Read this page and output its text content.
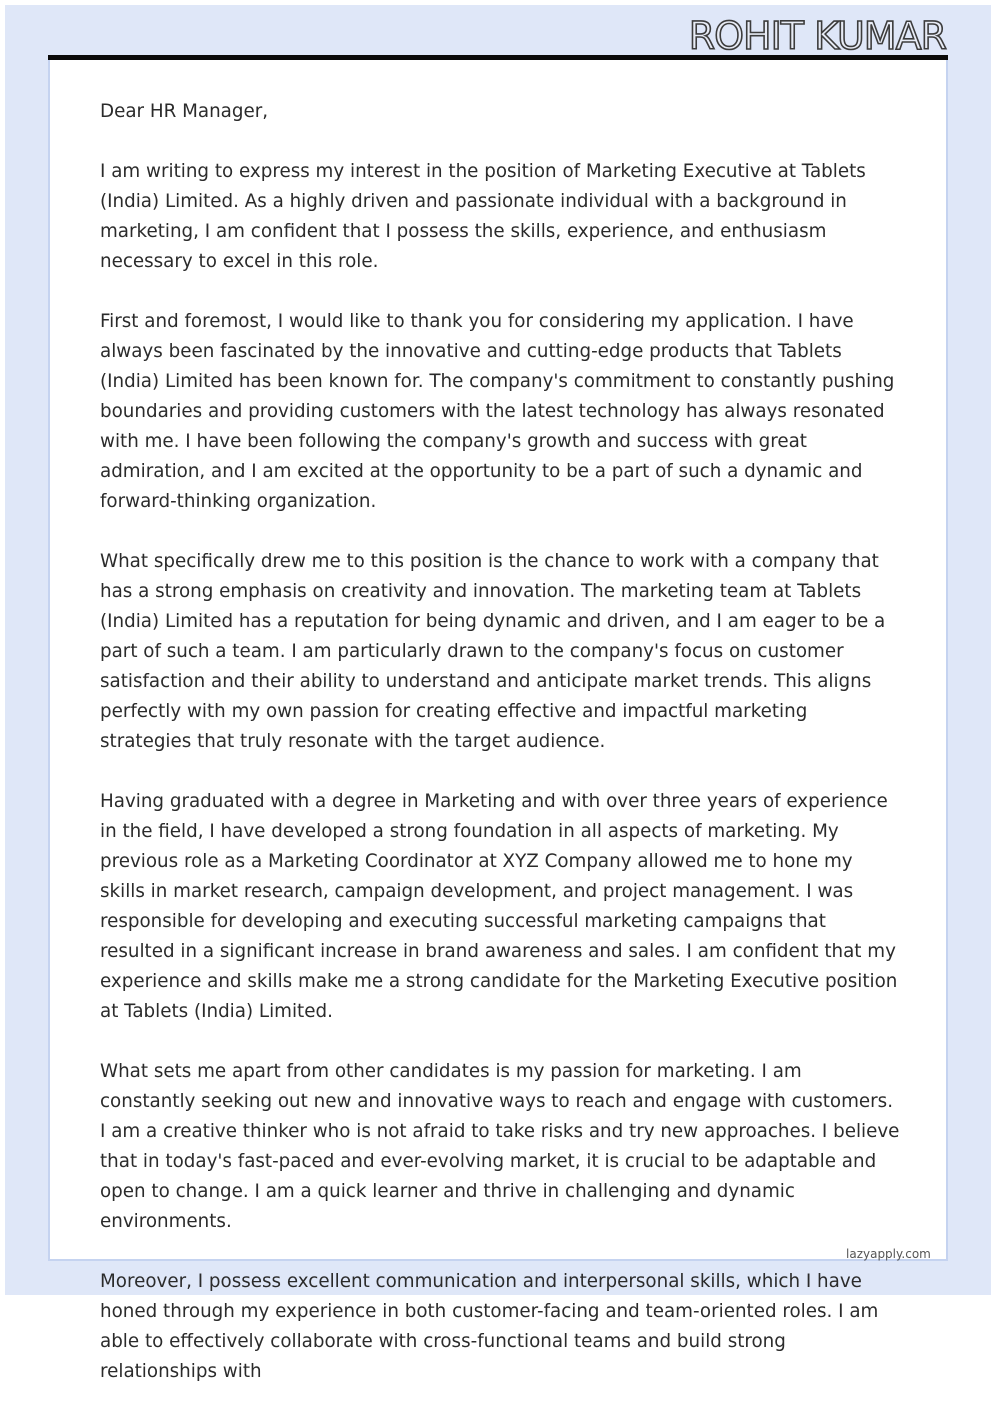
ROHIT KUMAR

Dear HR Manager,

I am writing to express my interest in the position of Marketing Executive at Tablets (India) Limited. As a highly driven and passionate individual with a background in marketing, I am confident that I possess the skills, experience, and enthusiasm necessary to excel in this role.

First and foremost, I would like to thank you for considering my application. I have always been fascinated by the innovative and cutting-edge products that Tablets (India) Limited has been known for. The company's commitment to constantly pushing boundaries and providing customers with the latest technology has always resonated with me. I have been following the company's growth and success with great admiration, and I am excited at the opportunity to be a part of such a dynamic and forward-thinking organization.

What specifically drew me to this position is the chance to work with a company that has a strong emphasis on creativity and innovation. The marketing team at Tablets (India) Limited has a reputation for being dynamic and driven, and I am eager to be a part of such a team. I am particularly drawn to the company's focus on customer satisfaction and their ability to understand and anticipate market trends. This aligns perfectly with my own passion for creating effective and impactful marketing strategies that truly resonate with the target audience.

Having graduated with a degree in Marketing and with over three years of experience in the field, I have developed a strong foundation in all aspects of marketing. My previous role as a Marketing Coordinator at XYZ Company allowed me to hone my skills in market research, campaign development, and project management. I was responsible for developing and executing successful marketing campaigns that resulted in a significant increase in brand awareness and sales. I am confident that my experience and skills make me a strong candidate for the Marketing Executive position at Tablets (India) Limited.

What sets me apart from other candidates is my passion for marketing. I am constantly seeking out new and innovative ways to reach and engage with customers. I am a creative thinker who is not afraid to take risks and try new approaches. I believe that in today's fast-paced and ever-evolving market, it is crucial to be adaptable and open to change. I am a quick learner and thrive in challenging and dynamic environments.

Moreover, I possess excellent communication and interpersonal skills, which I have honed through my experience in both customer-facing and team-oriented roles. I am able to effectively collaborate with cross-functional teams and build strong relationships with

lazyapply.com
